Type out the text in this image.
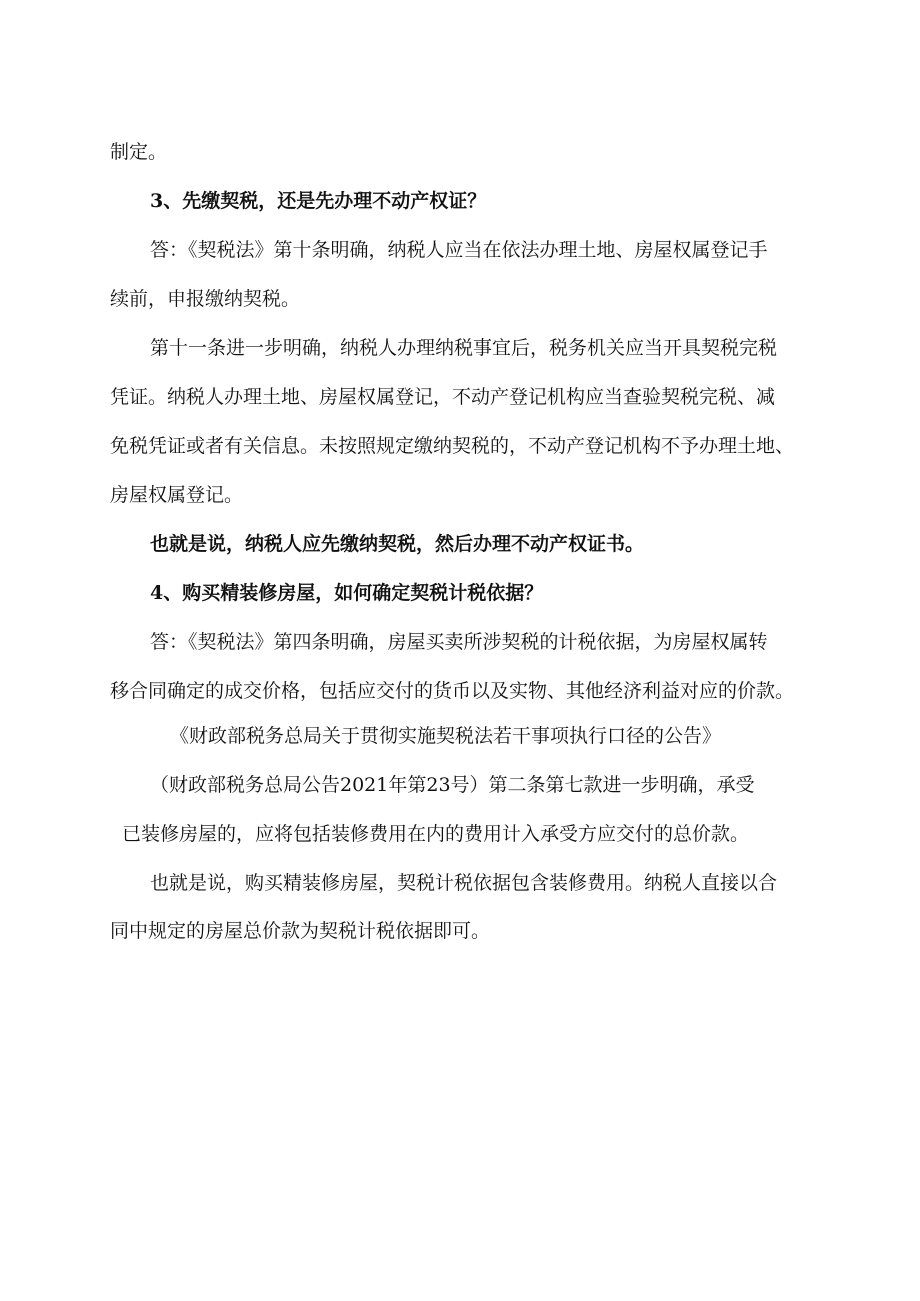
制定。

3、先缴契税，还是先办理不动产权证？

答：《契税法》第十条明确，纳税人应当在依法办理土地、房屋权属登记手

续前，申报缴纳契税。

第十一条进一步明确，纳税人办理纳税事宜后，税务机关应当开具契税完税

凭证。纳税人办理土地、房屋权属登记，不动产登记机构应当查验契税完税、减

免税凭证或者有关信息。未按照规定缴纳契税的，不动产登记机构不予办理土地、

房屋权属登记。

也就是说，纳税人应先缴纳契税，然后办理不动产权证书。

4、购买精装修房屋，如何确定契税计税依据？

答：《契税法》第四条明确，房屋买卖所涉契税的计税依据，为房屋权属转

移合同确定的成交价格，包括应交付的货币以及实物、其他经济利益对应的价款。

《财政部税务总局关于贯彻实施契税法若干事项执行口径的公告》

（财政部税务总局公告2021年第23号）第二条第七款进一步明确，承受

已装修房屋的，应将包括装修费用在内的费用计入承受方应交付的总价款。

也就是说，购买精装修房屋，契税计税依据包含装修费用。纳税人直接以合

同中规定的房屋总价款为契税计税依据即可。
